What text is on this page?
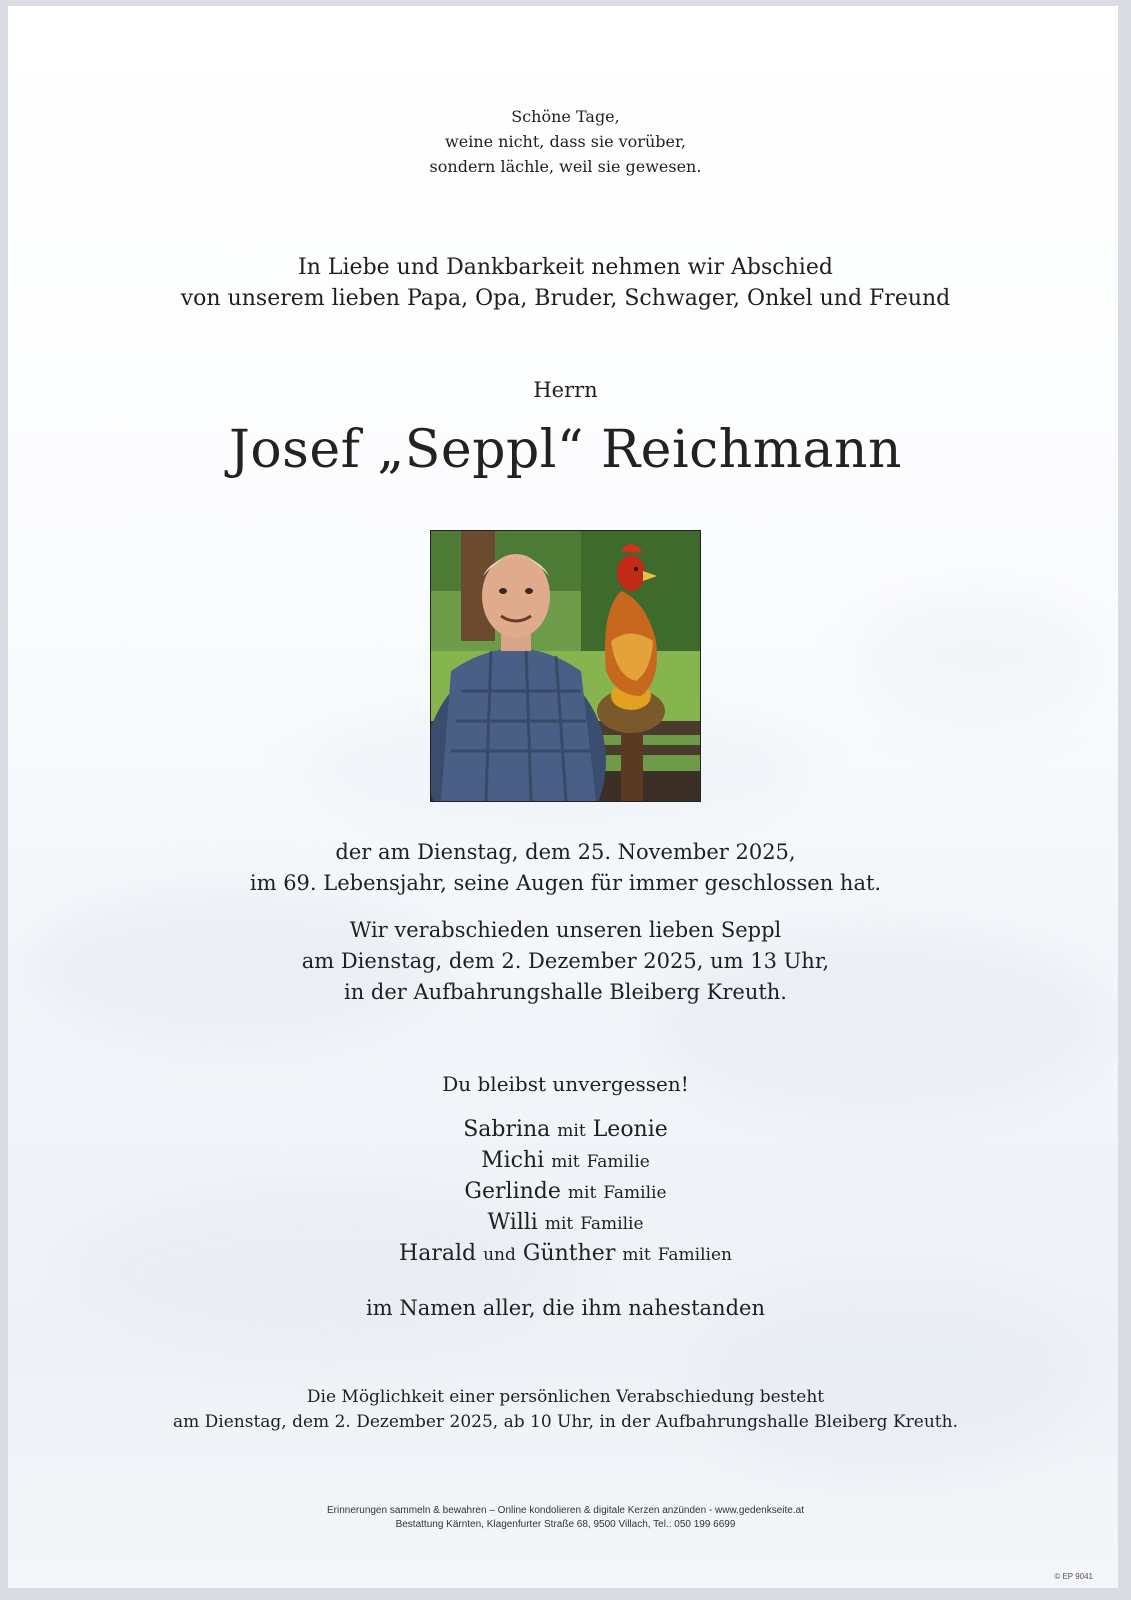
Schöne Tage,
weine nicht, dass sie vorüber,
sondern lächle, weil sie gewesen.
In Liebe und Dankbarkeit nehmen wir Abschied
von unserem lieben Papa, Opa, Bruder, Schwager, Onkel und Freund
Herrn
Josef „Seppl“ Reichmann
der am Dienstag, dem 25. November 2025,
im 69. Lebensjahr, seine Augen für immer geschlossen hat.
Wir verabschieden unseren lieben Seppl
am Dienstag, dem 2. Dezember 2025, um 13 Uhr,
in der Aufbahrungshalle Bleiberg Kreuth.
Du bleibst unvergessen!
Sabrina mit Leonie
Michi mit Familie
Gerlinde mit Familie
Willi mit Familie
Harald und Günther mit Familien
im Namen aller, die ihm nahestanden
Die Möglichkeit einer persönlichen Verabschiedung besteht
am Dienstag, dem 2. Dezember 2025, ab 10 Uhr, in der Aufbahrungshalle Bleiberg Kreuth.
Erinnerungen sammeln & bewahren – Online kondolieren & digitale Kerzen anzünden - www.gedenkseite.at
Bestattung Kärnten, Klagenfurter Straße 68, 9500 Villach, Tel.: 050 199 6699
© EP 9041
